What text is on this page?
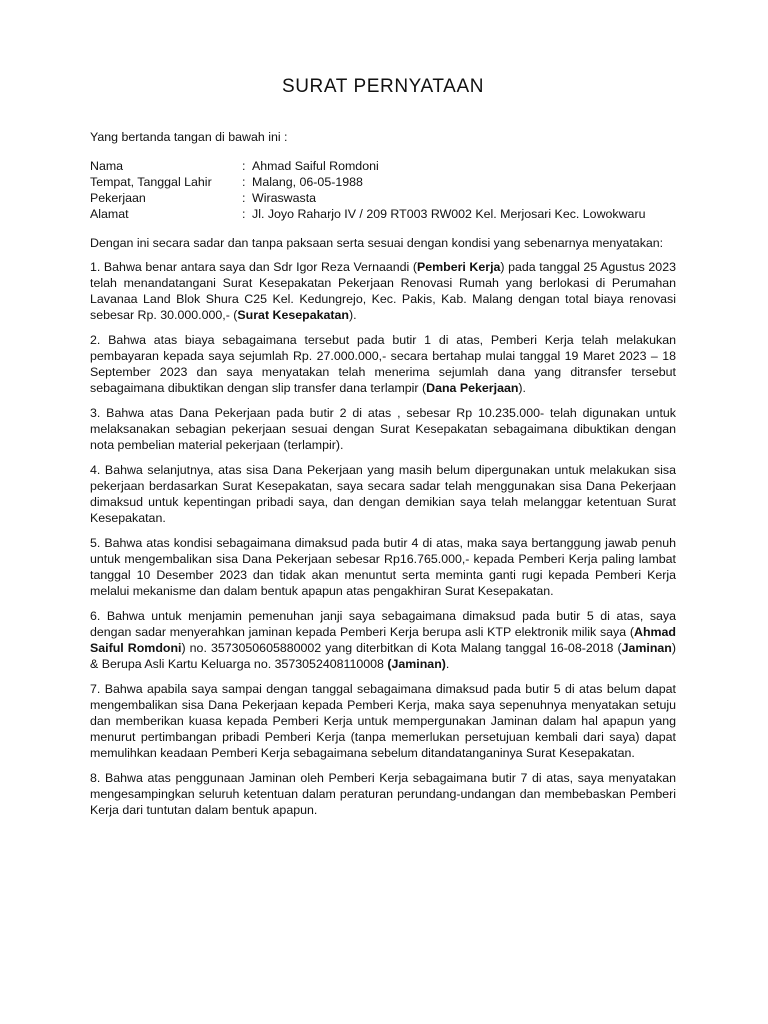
SURAT PERNYATAAN

Yang bertanda tangan di bawah ini :

Nama	: Ahmad Saiful Romdoni
Tempat, Tanggal Lahir	: Malang, 06-05-1988
Pekerjaan	: Wiraswasta
Alamat	: Jl. Joyo Raharjo IV / 209 RT003 RW002 Kel. Merjosari Kec. Lowokwaru

Dengan ini secara sadar dan tanpa paksaan serta sesuai dengan kondisi yang sebenarnya menyatakan:

1. Bahwa benar antara saya dan Sdr Igor Reza Vernaandi (Pemberi Kerja) pada tanggal 25 Agustus 2023 telah menandatangani Surat Kesepakatan Pekerjaan Renovasi Rumah yang berlokasi di Perumahan Lavanaa Land Blok Shura C25 Kel. Kedungrejo, Kec. Pakis, Kab. Malang dengan total biaya renovasi sebesar Rp. 30.000.000,- (Surat Kesepakatan).

2. Bahwa atas biaya sebagaimana tersebut pada butir 1 di atas, Pemberi Kerja telah melakukan pembayaran kepada saya sejumlah Rp. 27.000.000,- secara bertahap mulai tanggal 19 Maret 2023 – 18 September 2023 dan saya menyatakan telah menerima sejumlah dana yang ditransfer tersebut sebagaimana dibuktikan dengan slip transfer dana terlampir (Dana Pekerjaan).

3. Bahwa atas Dana Pekerjaan pada butir 2 di atas , sebesar Rp 10.235.000- telah digunakan untuk melaksanakan sebagian pekerjaan sesuai dengan Surat Kesepakatan sebagaimana dibuktikan dengan nota pembelian material pekerjaan (terlampir).

4. Bahwa selanjutnya, atas sisa Dana Pekerjaan yang masih belum dipergunakan untuk melakukan sisa pekerjaan berdasarkan Surat Kesepakatan, saya secara sadar telah menggunakan sisa Dana Pekerjaan dimaksud untuk kepentingan pribadi saya, dan dengan demikian saya telah melanggar ketentuan Surat Kesepakatan.

5. Bahwa atas kondisi sebagaimana dimaksud pada butir 4 di atas, maka saya bertanggung jawab penuh untuk mengembalikan sisa Dana Pekerjaan sebesar Rp16.765.000,- kepada Pemberi Kerja paling lambat tanggal 10 Desember 2023 dan tidak akan menuntut serta meminta ganti rugi kepada Pemberi Kerja melalui mekanisme dan dalam bentuk apapun atas pengakhiran Surat Kesepakatan.

6. Bahwa untuk menjamin pemenuhan janji saya sebagaimana dimaksud pada butir 5 di atas, saya dengan sadar menyerahkan jaminan kepada Pemberi Kerja berupa asli KTP elektronik milik saya (Ahmad Saiful Romdoni) no. 3573050605880002 yang diterbitkan di Kota Malang tanggal 16-08-2018 (Jaminan) & Berupa Asli Kartu Keluarga no. 3573052408110008 (Jaminan).

7. Bahwa apabila saya sampai dengan tanggal sebagaimana dimaksud pada butir 5 di atas belum dapat mengembalikan sisa Dana Pekerjaan kepada Pemberi Kerja, maka saya sepenuhnya menyatakan setuju dan memberikan kuasa kepada Pemberi Kerja untuk mempergunakan Jaminan dalam hal apapun yang menurut pertimbangan pribadi Pemberi Kerja (tanpa memerlukan persetujuan kembali dari saya) dapat memulihkan keadaan Pemberi Kerja sebagaimana sebelum ditandatanganinya Surat Kesepakatan.

8. Bahwa atas penggunaan Jaminan oleh Pemberi Kerja sebagaimana butir 7 di atas, saya menyatakan mengesampingkan seluruh ketentuan dalam peraturan perundang-undangan dan membebaskan Pemberi Kerja dari tuntutan dalam bentuk apapun.
